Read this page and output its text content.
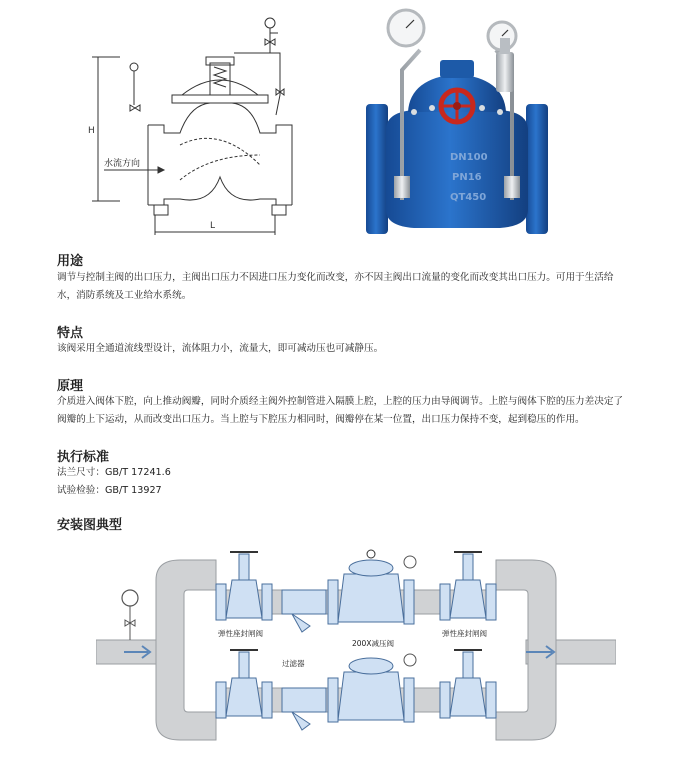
H
L
水流方向
DN100
PN16
QT450
用途
调节与控制主阀的出口压力，主阀出口压力不因进口压力变化而改变，亦不因主阀出口流量的变化而改变其出口压力。可用于生活给水，消防系统及工业给水系统。
特点
该阀采用全通道流线型设计，流体阻力小，流量大，即可减动压也可减静压。
原理
介质进入阀体下腔，向上推动阀瓣，同时介质经主阀外控制管进入隔膜上腔，上腔的压力由导阀调节。上腔与阀体下腔的压力差决定了阀瓣的上下运动，从而改变出口压力。当上腔与下腔压力相同时，阀瓣停在某一位置，出口压力保持不变，起到稳压的作用。
执行标准
法兰尺寸：GB/T 17241.6
试验检验：GB/T 13927
安装图典型
弹性座封闸阀	弹性座封闸阀
200X减压阀
过滤器
